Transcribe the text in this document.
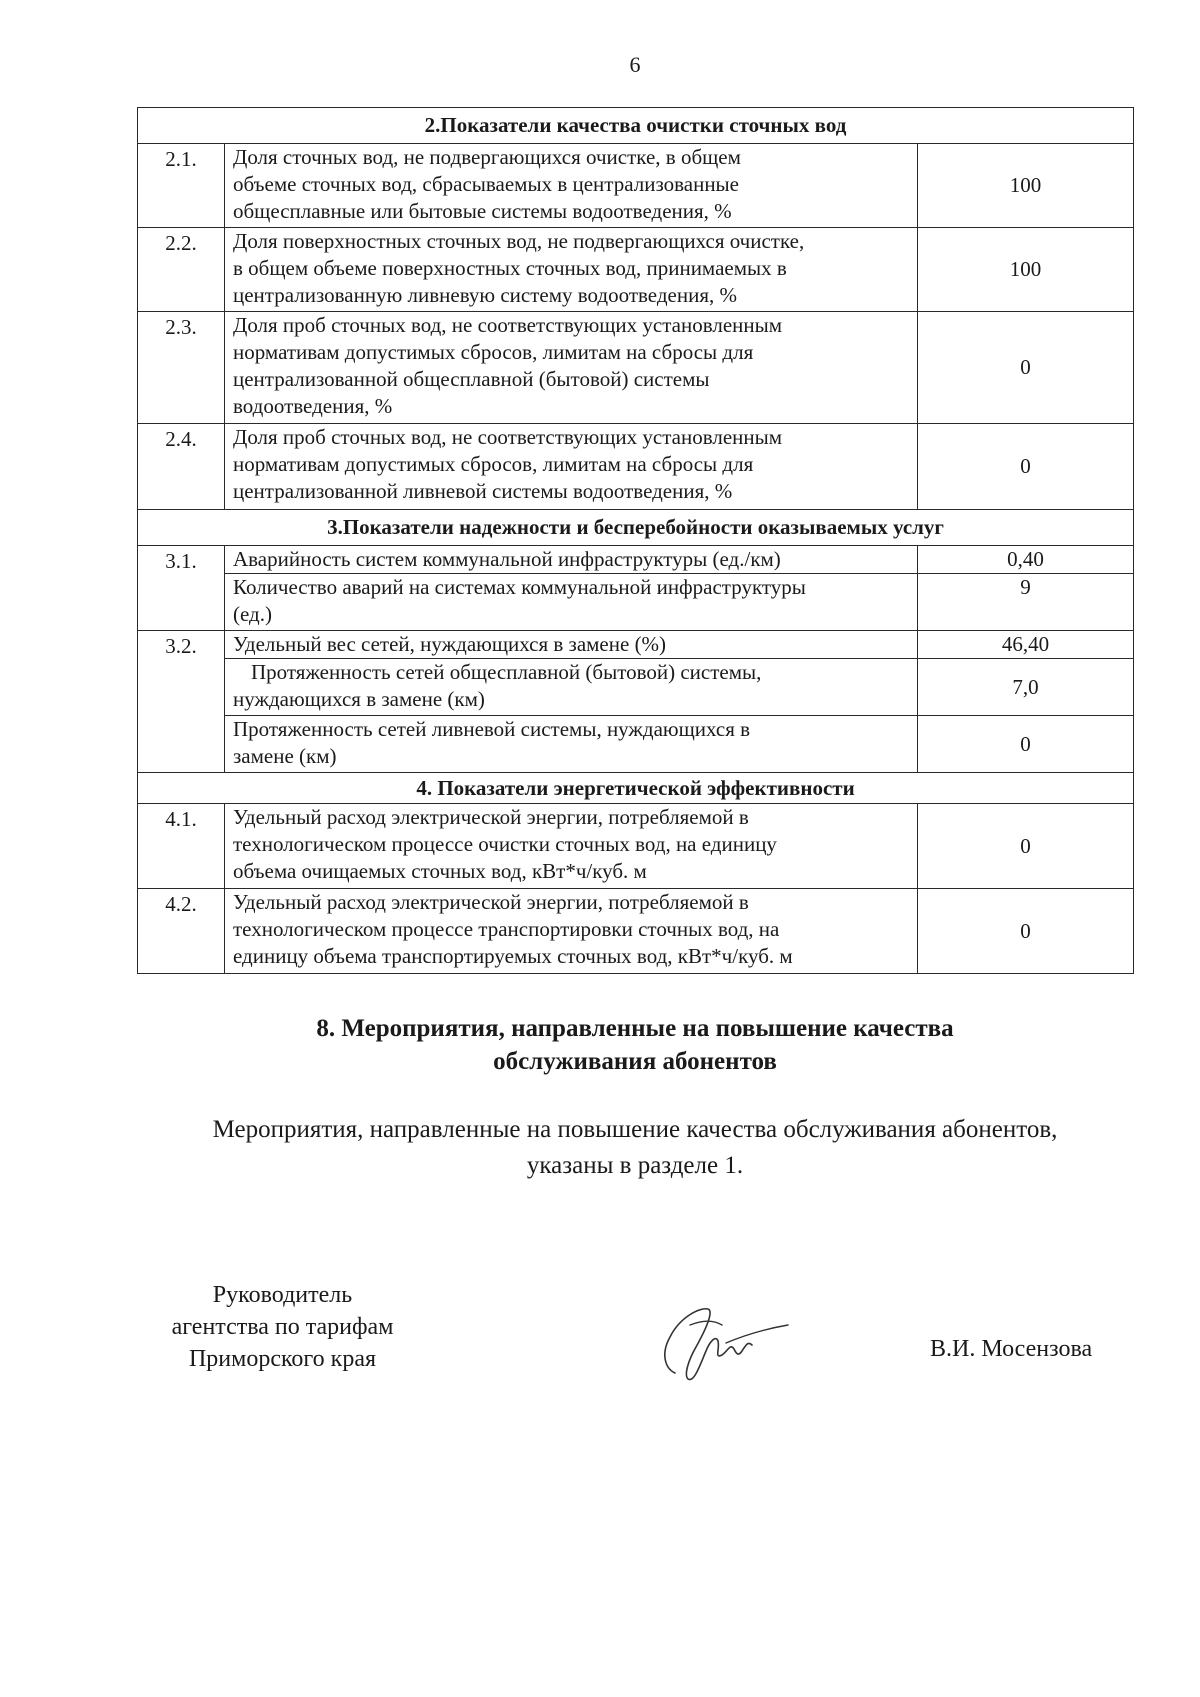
6
2.Показатели качества очистки сточных вод		
2.1.	Доля сточных вод, не подвергающихся очистке, в общем
объеме сточных вод, сбрасываемых в централизованные
общесплавные или бытовые системы водоотведения, %	100
2.2.	Доля поверхностных сточных вод, не подвергающихся очистке,
в общем объеме поверхностных сточных вод, принимаемых в
централизованную ливневую систему водоотведения, %	100
2.3.	Доля проб сточных вод, не соответствующих установленным
нормативам допустимых сбросов, лимитам на сбросы для
централизованной общесплавной (бытовой) системы
водоотведения, %	0
2.4.	Доля проб сточных вод, не соответствующих установленным
нормативам допустимых сбросов, лимитам на сбросы для
централизованной ливневой системы водоотведения, %	0
3.Показатели надежности и бесперебойности оказываемых услуг		
3.1.	Аварийность систем коммунальной инфраструктуры (ед./км)	0,40
	Количество аварий на системах коммунальной инфраструктуры
(ед.)	9
3.2.	Удельный вес сетей, нуждающихся в замене (%)	46,40
	Протяженность сетей общесплавной (бытовой) системы,
нуждающихся в замене (км)	7,0
	Протяженность сетей ливневой системы, нуждающихся в
замене (км)	0
4. Показатели энергетической эффективности		
4.1.	Удельный расход электрической энергии, потребляемой в
технологическом процессе очистки сточных вод, на единицу
объема очищаемых сточных вод, кВт*ч/куб. м	0
4.2.	Удельный расход электрической энергии, потребляемой в
технологическом процессе транспортировки сточных вод, на
единицу объема транспортируемых сточных вод, кВт*ч/куб. м	0
8. Мероприятия, направленные на повышение качества
обслуживания абонентов
Мероприятия, направленные на повышение качества обслуживания абонентов,
указаны в разделе 1.
Руководитель
агентства по тарифам
Приморского края	В.И. Мосензова
